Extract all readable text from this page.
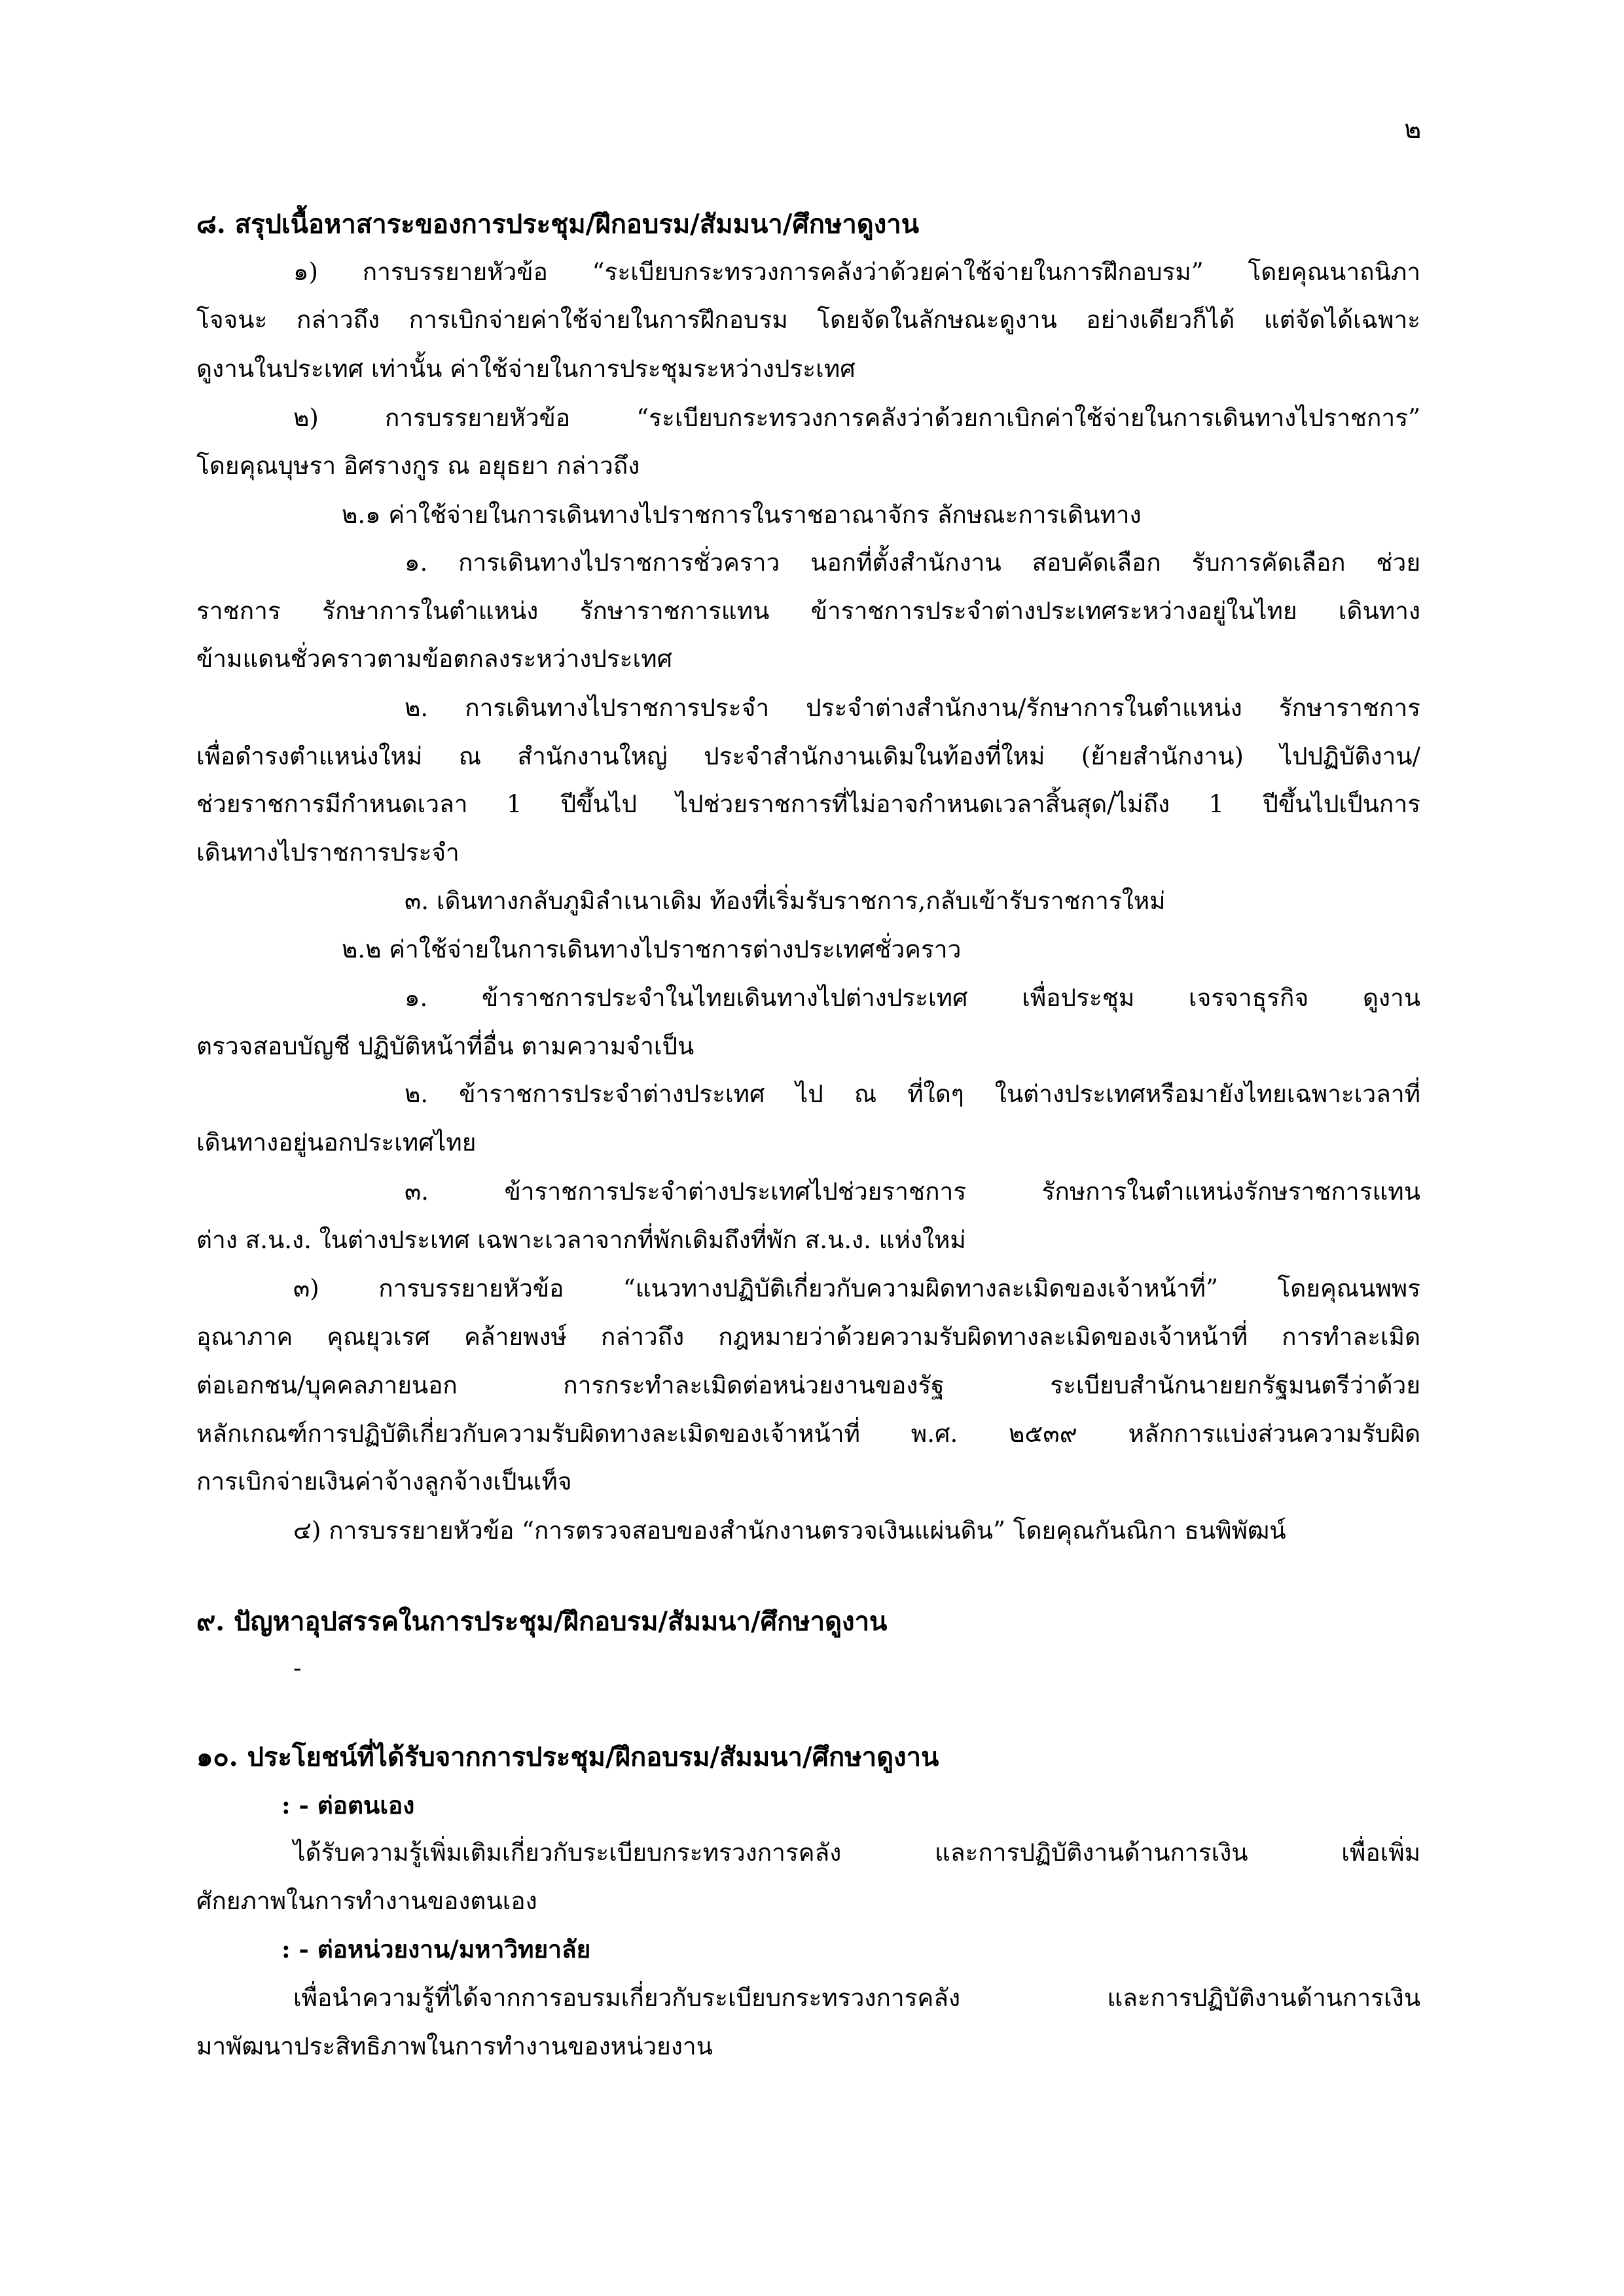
๒
๘. สรุปเนื้อหาสาระของการประชุม/ฝึกอบรม/สัมมนา/ศึกษาดูงาน
๑) การบรรยายหัวข้อ “ระเบียบกระทรวงการคลังว่าด้วยค่าใช้จ่ายในการฝึกอบรม” โดยคุณนาถนิภา
โจจนะ กล่าวถึง การเบิกจ่ายค่าใช้จ่ายในการฝึกอบรม โดยจัดในลักษณะดูงาน อย่างเดียวก็ได้ แต่จัดได้เฉพาะ
ดูงานในประเทศ เท่านั้น ค่าใช้จ่ายในการประชุมระหว่างประเทศ
๒) การบรรยายหัวข้อ “ระเบียบกระทรวงการคลังว่าด้วยกาเบิกค่าใช้จ่ายในการเดินทางไปราชการ”
โดยคุณบุษรา อิศรางกูร ณ อยุธยา กล่าวถึง
๒.๑ ค่าใช้จ่ายในการเดินทางไปราชการในราชอาณาจักร ลักษณะการเดินทาง
๑. การเดินทางไปราชการชั่วคราว นอกที่ตั้งสำนักงาน สอบคัดเลือก รับการคัดเลือก ช่วย
ราชการ รักษาการในตำแหน่ง รักษาราชการแทน ข้าราชการประจำต่างประเทศระหว่างอยู่ในไทย เดินทาง
ข้ามแดนชั่วคราวตามข้อตกลงระหว่างประเทศ
๒. การเดินทางไปราชการประจำ ประจำต่างสำนักงาน/รักษาการในตำแหน่ง รักษาราชการ
เพื่อดำรงตำแหน่งใหม่ ณ สำนักงานใหญ่ ประจำสำนักงานเดิมในท้องที่ใหม่ (ย้ายสำนักงาน) ไปปฏิบัติงาน/
ช่วยราชการมีกำหนดเวลา 1 ปีขึ้นไป ไปช่วยราชการที่ไม่อาจกำหนดเวลาสิ้นสุด/ไม่ถึง 1 ปีขึ้นไปเป็นการ
เดินทางไปราชการประจำ
๓. เดินทางกลับภูมิลำเนาเดิม ท้องที่เริ่มรับราชการ,กลับเข้ารับราชการใหม่
๒.๒ ค่าใช้จ่ายในการเดินทางไปราชการต่างประเทศชั่วคราว
๑. ข้าราชการประจำในไทยเดินทางไปต่างประเทศ เพื่อประชุม เจรจาธุรกิจ ดูงาน
ตรวจสอบบัญชี ปฏิบัติหน้าที่อื่น ตามความจำเป็น
๒. ข้าราชการประจำต่างประเทศ ไป ณ ที่ใดๆ ในต่างประเทศหรือมายังไทยเฉพาะเวลาที่
เดินทางอยู่นอกประเทศไทย
๓. ข้าราชการประจำต่างประเทศไปช่วยราชการ รักษการในตำแหน่งรักษราชการแทน
ต่าง ส.น.ง. ในต่างประเทศ เฉพาะเวลาจากที่พักเดิมถึงที่พัก ส.น.ง. แห่งใหม่
๓) การบรรยายหัวข้อ “แนวทางปฏิบัติเกี่ยวกับความผิดทางละเมิดของเจ้าหน้าที่” โดยคุณนพพร
อุณาภาค คุณยุวเรศ คล้ายพงษ์ กล่าวถึง กฎหมายว่าด้วยความรับผิดทางละเมิดของเจ้าหน้าที่ การทำละเมิด
ต่อเอกชน/บุคคลภายนอก การกระทำละเมิดต่อหน่วยงานของรัฐ ระเบียบสำนักนายยกรัฐมนตรีว่าด้วย
หลักเกณฑ์การปฏิบัติเกี่ยวกับความรับผิดทางละเมิดของเจ้าหน้าที่ พ.ศ. ๒๕๓๙ หลักการแบ่งส่วนความรับผิด
การเบิกจ่ายเงินค่าจ้างลูกจ้างเป็นเท็จ
๔) การบรรยายหัวข้อ “การตรวจสอบของสำนักงานตรวจเงินแผ่นดิน” โดยคุณกันณิกา ธนพิพัฒน์
๙. ปัญหาอุปสรรคในการประชุม/ฝึกอบรม/สัมมนา/ศึกษาดูงาน
-
๑๐. ประโยชน์ที่ได้รับจากการประชุม/ฝึกอบรม/สัมมนา/ศึกษาดูงาน
: - ต่อตนเอง
ได้รับความรู้เพิ่มเติมเกี่ยวกับระเบียบกระทรวงการคลัง และการปฏิบัติงานด้านการเงิน เพื่อเพิ่ม
ศักยภาพในการทำงานของตนเอง
: - ต่อหน่วยงาน/มหาวิทยาลัย
เพื่อนำความรู้ที่ได้จากการอบรมเกี่ยวกับระเบียบกระทรวงการคลัง และการปฏิบัติงานด้านการเงิน
มาพัฒนาประสิทธิภาพในการทำงานของหน่วยงาน
